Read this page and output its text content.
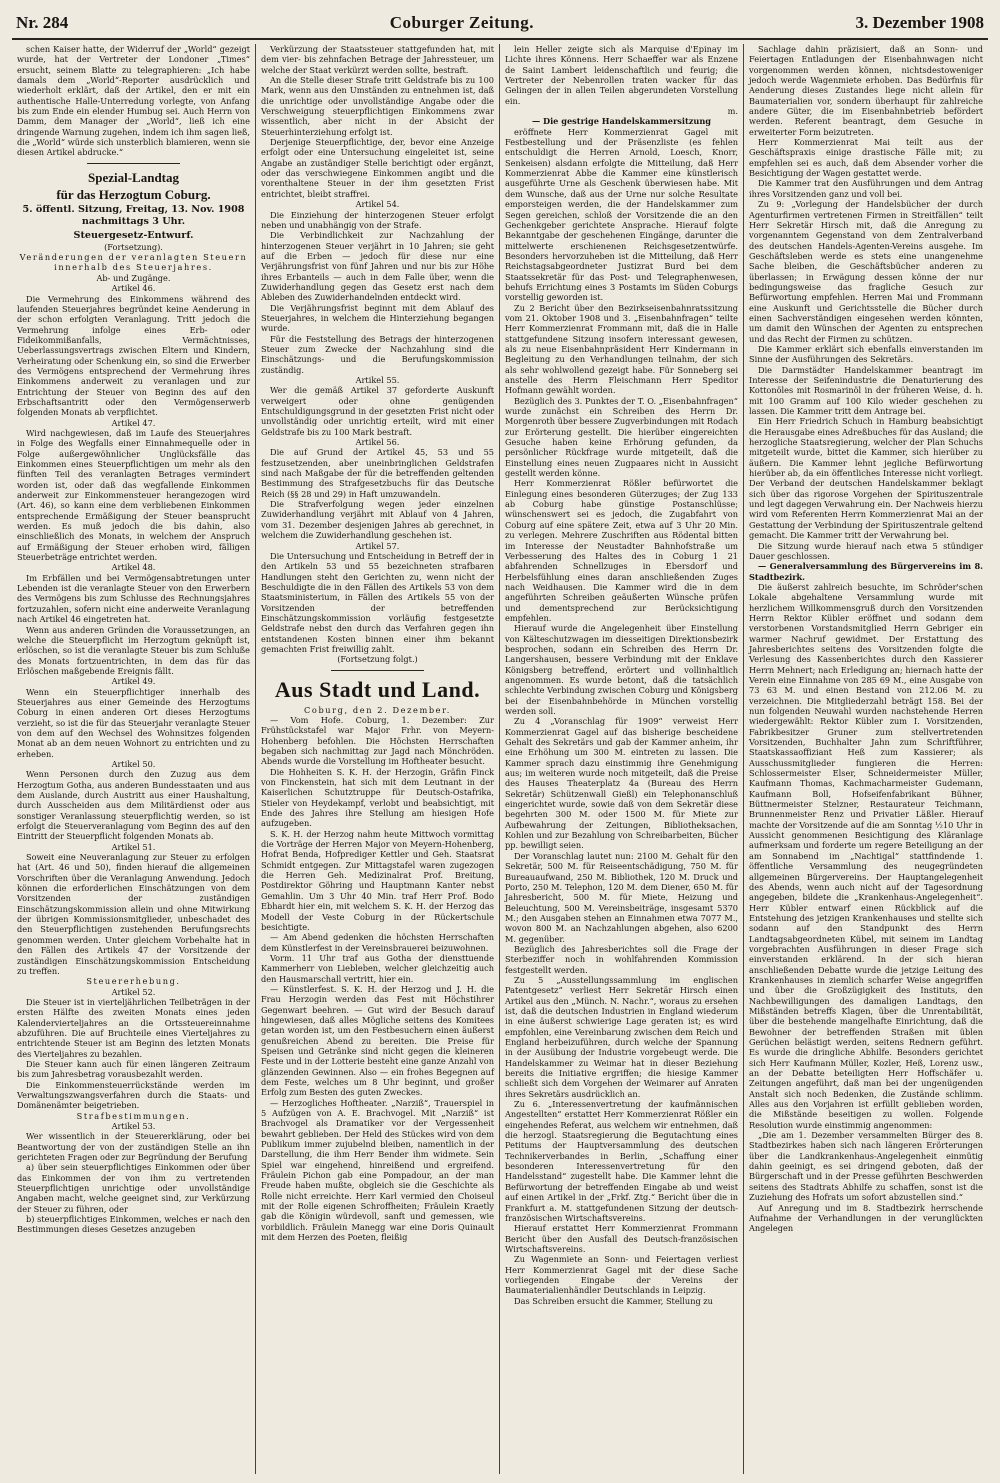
Nr. 284	Coburger Zeitung.	3. Dezember 1908

schen Kaiser hatte, der Widerruf der „World“ gezeigt wurde, hat der Vertreter der Londoner „Times“ ersucht, seinem Blatte zu telegraphieren: „Ich habe damals dem „World“-Reporter ausdrücklich und wiederholt erklärt, daß der Artikel, den er mit ein authentische Halle-Unterredung vorlegte, von Anfang bis zum Ende ein elender Humbug sei. Auch Herrn von Damm, dem Manager der „World“, ließ ich eine dringende Warnung zugehen, indem ich ihm sagen ließ, die „World“ würde sich unsterblich blamieren, wenn sie diesen Artikel abdrucke.“

Spezial-Landtag
für das Herzogtum Coburg.
5. öffentl. Sitzung, Freitag, 13. Nov. 1908
nachmittags 3 Uhr.
Steuergesetz-Entwurf.

(Fortsetzung).

Veränderungen der veranlagten Steuern innerhalb des Steuerjahres.

Ab- und Zugänge.

Artikel 46.

Die Vermehrung des Einkommens während des laufenden Steuerjahres begründet keine Aenderung in der schon erfolgten Veranlagung. Tritt jedoch die Vermehrung infolge eines Erb- oder Fideikommißanfalls, Vermächtnisses, Ueberlassungsvertrags zwischen Eltern und Kindern, Verheiratung oder Schenkung ein, so sind die Erwerber des Vermögens entsprechend der Vermehrung ihres Einkommens anderweit zu veranlagen und zur Entrichtung der Steuer von Beginn des auf den Erbschaftsantritt oder den Vermögenserwerb folgenden Monats ab verpflichtet.

Artikel 47.

Wird nachgewiesen, daß im Laufe des Steuerjahres in Folge des Wegfalls einer Einnahmequelle oder in Folge außergewöhnlicher Unglücksfälle das Einkommen eines Steuerpflichtigen um mehr als den fünften Teil des veranlagten Betrages vermindert worden ist, oder daß das wegfallende Einkommen anderweit zur Einkommensteuer herangezogen wird (Art. 46), so kann eine dem verbliebenen Einkommen entsprechende Ermäßigung der Steuer beansprucht werden. Es muß jedoch die bis dahin, also einschließlich des Monats, in welchem der Anspruch auf Ermäßigung der Steuer erhoben wird, fälligen Steuerbeträge entrichtet werden.

Artikel 48.

Im Erbfällen und bei Vermögensabtretungen unter Lebenden ist die veranlagte Steuer von den Erwerbern des Vermögens bis zum Schlusse des Rechnungsjahres fortzuzahlen, sofern nicht eine anderweite Veranlagung nach Artikel 46 eingetreten hat.

Wenn aus anderen Gründen die Voraussetzungen, an welche die Steuerpflicht im Herzogtum geknüpft ist, erlöschen, so ist die veranlagte Steuer bis zum Schluße des Monats fortzuentrichten, in dem das für das Erlöschen maßgebende Ereignis fällt.

Artikel 49.

Wenn ein Steuerpflichtiger innerhalb des Steuerjahres aus einer Gemeinde des Herzogtums Coburg in einen anderen Ort dieses Herzogtums verzieht, so ist die für das Steuerjahr veranlagte Steuer von dem auf den Wechsel des Wohnsitzes folgenden Monat ab an dem neuen Wohnort zu entrichten und zu erheben.

Artikel 50.

Wenn Personen durch den Zuzug aus dem Herzogtum Gotha, aus anderen Bundesstaaten und aus dem Auslande, durch Austritt aus einer Haushaltung, durch Ausscheiden aus dem Militärdienst oder aus sonstiger Veranlassung steuerpflichtig werden, so ist erfolgt die Steuerveranlagung vom Beginn des auf den Eintritt der Steuerpflicht folgenden Monats ab.

Artikel 51.

Soweit eine Neuveranlagung zur Steuer zu erfolgen hat (Art. 46 und 50), finden hierauf die allgemeinen Vorschriften über die Veranlagung Anwendung. Jedoch können die erforderlichen Einschätzungen von dem Vorsitzenden der zuständigen Einschätzungskommission allein und ohne Mitwirkung der übrigen Kommissionsmitglieder, unbeschadet des den Steuerpflichtigen zustehenden Berufungsrechts genommen werden. Unter gleichem Vorbehalte hat in den Fällen des Artikels 47 der Vorsitzende der zuständigen Einschätzungskommission Entscheidung zu treffen.

Steuererhebung.

Artikel 52.

Die Steuer ist in vierteljährlichen Teilbeträgen in der ersten Hälfte des zweiten Monats eines jeden Kalendervierteljahres an die Ortssteuereinnahme abzuführen. Die auf Bruchteile eines Vierteljahres zu entrichtende Steuer ist am Beginn des letzten Monats des Vierteljahres zu bezahlen.

Die Steuer kann auch für einen längeren Zeitraum bis zum Jahresbetrag vorausbezahlt werden.

Die Einkommensteuerrückstände werden im Verwaltungszwangsverfahren durch die Staats- und Domänenämter beigetrieben.

Strafbestimmungen.

Artikel 53.

Wer wissentlich in der Steuererklärung, oder bei Beantwortung der von der zuständigen Stelle an ihn gerichteten Fragen oder zur Begründung der Berufung

a) über sein steuerpflichtiges Einkommen oder über das Einkommen der von ihm zu vertretenden Steuerpflichtigen unrichtige oder unvollständige Angaben macht, welche geeignet sind, zur Verkürzung der Steuer zu führen, oder

b) steuerpflichtiges Einkommen, welches er nach den Bestimmungen dieses Gesetzes anzugeben

Verkürzung der Staatssteuer stattgefunden hat, mit dem vier- bis zehnfachen Betrage der Jahressteuer, um welche der Staat verkürzt werden sollte, bestraft.

An die Stelle dieser Strafe tritt Geldstrafe bis zu 100 Mark, wenn aus den Umständen zu entnehmen ist, daß die unrichtige oder unvollständige Angabe oder die Verschweigung steuerpflichtigen Einkommens zwar wissentlich, aber nicht in der Absicht der Steuerhinterziehung erfolgt ist.

Derjenige Steuerpflichtige, der, bevor eine Anzeige erfolgt oder eine Untersuchung eingeleitet ist, seine Angabe an zuständiger Stelle berichtigt oder ergänzt, oder das verschwiegene Einkommen angibt und die vorenthaltene Steuer in der ihm gesetzten Frist entrichtet, bleibt straffrei.

Artikel 54.

Die Einziehung der hinterzogenen Steuer erfolgt neben und unabhängig von der Strafe.

Die Verbindlichkeit zur Nachzahlung der hinterzogenen Steuer verjährt in 10 Jahren; sie geht auf die Erben — jedoch für diese nur eine Verjährungsfrist von fünf Jahren und nur bis zur Höhe ihres Erbanteils — auch in dem Falle über, wenn die Zuwiderhandlung gegen das Gesetz erst nach dem Ableben des Zuwiderhandelnden entdeckt wird.

Die Verjährungsfrist beginnt mit dem Ablauf des Steuerjahres, in welchem die Hinterziehung begangen wurde.

Für die Feststellung des Betrags der hinterzogenen Steuer zum Zwecke der Nachzahlung sind die Einschätzungs- und die Berufungskommission zuständig.

Artikel 55.

Wer die gemäß Artikel 37 geforderte Auskunft verweigert oder ohne genügenden Entschuldigungsgrund in der gesetzten Frist nicht oder unvollständig oder unrichtig erteilt, wird mit einer Geldstrafe bis zu 100 Mark bestraft.

Artikel 56.

Die auf Grund der Artikel 45, 53 und 55 festzusetzenden, aber uneinbringlichen Geldstrafen sind nach Maßgabe der für die betreffenden geltenden Bestimmung des Strafgesetzbuchs für das Deutsche Reich (§§ 28 und 29) in Haft umzuwandeln.

Die Strafverfolgung wegen jeder einzelnen Zuwiderhandlung verjährt mit Ablauf von 4 Jahren, vom 31. Dezember desjenigen Jahres ab gerechnet, in welchem die Zuwiderhandlung geschehen ist.

Artikel 57.

Die Untersuchung und Entscheidung in Betreff der in den Artikeln 53 und 55 bezeichneten strafbaren Handlungen steht den Gerichten zu, wenn nicht der Beschuldigte die in den Fällen des Artikels 53 von dem Staatsministerium, in Fällen des Artikels 55 von der Vorsitzenden der betreffenden Einschätzungskommission vorläufig festgesetzte Geldstrafe nebst den durch das Verfahren gegen ihn entstandenen Kosten binnen einer ihm bekannt gemachten Frist freiwillig zahlt.

(Fortsetzung folgt.)

Aus Stadt und Land.

Coburg, den 2. Dezember.

— Vom Hofe. Coburg, 1. Dezember: Zur Frühstückstafel war Major Frhr. von Meyern-Hohenberg befohlen. Die Höchsten Herrschaften begaben sich nachmittag zur Jagd nach Mönchröden. Abends wurde die Vorstellung im Hoftheater besucht.

Die Hohheiten S. K. H. der Herzogin, Gräfin Finck von Finckenstein, hat sich mit dem Leutnant in der Kaiserlichen Schutztruppe für Deutsch-Ostafrika, Stieler von Heydekampf, verlobt und beabsichtigt, mit Ende des Jahres ihre Stellung am hiesigen Hofe aufzugeben.

S. K. H. der Herzog nahm heute Mittwoch vormittag die Vorträge der Herren Major von Meyern-Hohenberg, Hofrat Benda, Hofprediger Kettler und Geh. Staatsrat Schmidt entgegen. Zur Mittagstafel waren zugezogen die Herren Geh. Medizinalrat Prof. Breitung, Postdirektor Göhring und Hauptmann Kanter nebst Gemahlin. Um 3 Uhr 40 Min. traf Herr Prof. Bodo Ebhardt hier ein, mit welchem S. K. H. der Herzog das Modell der Veste Coburg in der Rückertschule besichtigte.

— Am Abend gedenken die höchsten Herrschaften dem Künstlerfest in der Vereinsbrauerei beizuwohnen.

Vorm. 11 Uhr traf aus Gotha der diensttuende Kammerherr von Liebleben, welcher gleichzeitig auch den Hausmarschall vertritt, hier ein.

— Künstlerfest. S. K. H. der Herzog und J. H. die Frau Herzogin werden das Fest mit Höchstihrer Gegenwart beehren. — Gut wird der Besuch darauf hingewiesen, daß alles Mögliche seitens des Komitees getan worden ist, um den Festbesuchern einen äußerst genußreichen Abend zu bereiten. Die Preise für Speisen und Getränke sind nicht gegen die kleineren Feste und in der Lotterie besteht eine ganze Anzahl von glänzenden Gewinnen. Also — ein frohes Begegnen auf dem Feste, welches um 8 Uhr beginnt, und großer Erfolg zum Besten des guten Zweckes.

— Herzogliches Hoftheater. „Narziß“, Trauerspiel in 5 Aufzügen von A. E. Brachvogel. Mit „Narziß“ ist Brachvogel als Dramatiker vor der Vergessenheit bewahrt geblieben. Der Held des Stückes wird von dem Publikum immer zujubelnd bleiben, namentlich in der Darstellung, die ihm Herr Bender ihm widmete. Sein Spiel war eingehend, hinreißend und ergreifend. Fräulein Pichon gab eine Pompadour, an der man Freude haben mußte, obgleich sie die Geschichte als Rolle nicht erreichte. Herr Karl vermied den Choiseul mit der Rolle eigenen Schroffheiten; Fräulein Kraetly gab die Königin würdevoll, sanft und gemessen, wie vorbildlich. Fräulein Manegg war eine Doris Quinault mit dem Herzen des Poeten, fleißig

lein Heller zeigte sich als Marquise d'Epinay im Lichte ihres Könnens. Herr Schaeffer war als Enzene de Saint Lambert leidenschaftlich und feurig; die Vertreter der Nebenrollen traten wacker für das Gelingen der in allen Teilen abgerundeten Vorstellung ein.

m.

— Die gestrige Handelskammersitzung

eröffnete Herr Kommerzienrat Gagel mit Festbestellung und der Präsenzliste (es fehlen entschuldigt die Herren Arnold, Loesch, Knorr, Senkeisen) alsdann erfolgte die Mitteilung, daß Herr Kommerzienrat Abbe die Kammer eine künstlerisch ausgeführte Urne als Geschenk überwiesen habe. Mit dem Wunsche, daß aus der Urne nur solche Resultate emporsteigen werden, die der Handelskammer zum Segen gereichen, schloß der Vorsitzende die an den Gechenkgeber gerichtete Ansprache. Hierauf folgte Bekanntgabe der geschehenen Eingänge, darunter die mittelwerte erschienenen Reichsgesetzentwürfe. Besonders hervorzuheben ist die Mitteilung, daß Herr Reichstagsabgeordneter Justizrat Burd bei dem Staatssekretär für das Post- und Telegraphenwesen, behufs Errichtung eines 3 Postamts im Süden Coburgs vorstellig geworden ist.

Zu 2 Bericht über den Bezirkseisenbahnratssitzung vom 21. Oktober 1908 und 3. „Eisenbahnfragen“ teilte Herr Kommerzienrat Frommann mit, daß die in Halle stattgefundene Sitzung insofern interessant gewesen, als zu neue Eisenbahnpräsident Herr Kindermann in Begleitung zu den Verhandlungen teilnahm, der sich als sehr wohlwollend gezeigt habe. Für Sonneberg sei anstelle des Herrn Fleischmann Herr Speditor Hofmann gewählt worden.

Bezüglich des 3. Punktes der T. O. „Eisenbahnfragen“ wurde zunächst ein Schreiben des Herrn Dr. Morgenroth über bessere Zugverbindungen mit Rodach zur Erörterung gestellt. Die hierüber eingereichten Gesuche haben keine Erhörung gefunden, da persönlicher Rückfrage wurde mitgeteilt, daß die Einstellung eines neuen Zugpaares nicht in Aussicht gestellt werden könne.

Herr Kommerzienrat Rößler befürwortet die Einlegung eines besonderen Güterzuges; der Zug 133 ab Coburg habe günstige Postanschlüsse; wünschenswert sei es jedoch, die Zugabfahrt von Coburg auf eine spätere Zeit, etwa auf 3 Uhr 20 Min. zu verlegen. Mehrere Zuschriften aus Rödental bitten im Interesse der Neustadter Bahnhofstraße um Verbesserung des Haltes des in Coburg 1 21 abfahrenden Schnellzuges in Ebersdorf und Herbelsfühlung eines daran anschließenden Zuges nach Weidhausen. Die Kammer wird die in dem angeführten Schreiben geäußerten Wünsche prüfen und dementsprechend zur Berücksichtigung empfehlen.

Hierauf wurde die Angelegenheit über Einstellung von Kälteschutzwagen im diesseitigen Direktionsbezirk besprochen, sodann ein Schreiben des Herrn Dr. Langershausen, bessere Verbindung mit der Enklave Königsberg betreffend, erörtert und vollinhaltlich angenommen. Es wurde betont, daß die tatsächlich schlechte Verbindung zwischen Coburg und Königsberg bei der Eisenbahnbehörde in München vorstellig werden soll.

Zu 4 „Voranschlag für 1909“ verweist Herr Kommerzienrat Gagel auf das bisherige bescheidene Gehalt des Sekretärs und gab der Kammer anheim, ihr eine Erhöhung um 300 M. eintreten zu lassen. Die Kammer sprach dazu einstimmig ihre Genehmigung aus; im weiteren wurde noch mitgeteilt, daß die Preise des Hauses Theaterplatz 4a (Bureau des Herrn Sekretär) Schützenwall Gießl) ein Telephonanschluß eingerichtet wurde, sowie daß von dem Sekretär diese begehrten 300 M. oder 1500 M. für Miete zur Aufbewahrung der Zeitungen, Bibliotheksachen, Kohlen und zur Bezahlung von Schreibarbeiten, Bücher pp. bewilligt seien.

Der Voranschlag lautet nun: 2100 M. Gehalt für den Sekretär, 500 M. für Reiseentschädigung, 750 M. für Bureauaufwand, 250 M. Bibliothek, 120 M. Druck und Porto, 250 M. Telephon, 120 M. dem Diener, 650 M. für Jahresbericht, 500 M. für Miete, Heizung und Beleuchtung, 500 M. Vereinsbeiträge, insgesamt 5370 M.; den Ausgaben stehen an Einnahmen etwa 7077 M., wovon 800 M. an Nachzahlungen abgehen, also 6200 M. gegenüber.

Bezüglich des Jahresberichtes soll die Frage der Sterbeziffer noch in wohlfahrenden Kommission festgestellt werden.

Zu 5 „Ausstellungssammlung im englischen Patentgesetz“ verliest Herr Sekretär Hirsch einen Artikel aus den „Münch. N. Nachr.“, woraus zu ersehen ist, daß die deutschen Industrien in England wiederum in eine äußerst schwierige Lage geraten ist; es wird empfohlen, eine Vereinbarung zwischen dem Reich und England herbeizuführen, durch welche der Spannung in der Ausübung der Industrie vorgebeugt werde. Die Handelskammer zu Weimar hat in dieser Beziehung bereits die Initiative ergriffen; die hiesige Kammer schließt sich dem Vorgehen der Weimarer auf Anraten ihres Sekretärs ausdrücklich an.

Zu 6. „Interessenvertretung der kaufmännischen Angestellten“ erstattet Herr Kommerzienrat Rößler ein eingehendes Referat, aus welchem wir entnehmen, daß die herzogl. Staatsregierung die Begutachtung eines Petitums der Hauptversammlung des deutschen Technikerverbandes in Berlin, „Schaffung einer besonderen Interessenvertretung für den Handelsstand“ zugestellt habe. Die Kammer lehnt die Befürwortung der betreffenden Eingabe ab und weist auf einen Artikel in der „Frkf. Ztg.“ Bericht über die in Frankfurt a. M. stattgefundenen Sitzung der deutsch-französischen Wirtschaftsvereins.

Hierauf erstattet Herr Kommerzienrat Frommann Bericht über den Ausfall des Deutsch-französischen Wirtschaftsvereins.

Zu Wagenmiete an Sonn- und Feiertagen verliest Herr Kommerzienrat Gagel mit der diese Sache vorliegenden Eingabe der Vereins der Baumaterialienhändler Deutschlands in Leipzig.

Das Schreiben ersucht die Kammer, Stellung zu

Sachlage dahin präzisiert, daß an Sonn- und Feiertagen Entladungen der Eisenbahnwagen nicht vorgenommen werden können, nichtsdestoweniger jedoch werde Wagenmiete erhoben. Das Bedürfnis für Aenderung dieses Zustandes liege nicht allein für Baumaterialien vor, sondern überhaupt für zahlreiche andere Güter, die im Eisenbahnbetrieb befördert werden. Referent beantragt, dem Gesuche in erweiterter Form beizutreten.

Herr Kommerzienrat Mai teilt aus der Geschäftspraxis einige drastische Fälle mit; zu empfehlen sei es auch, daß dem Absender vorher die Besichtigung der Wagen gestattet werde.

Die Kammer trat den Ausführungen und dem Antrag ihres Vorsitzenden ganz und voll bei.

Zu 9: „Vorlegung der Handelsbücher der durch Agenturfirmen vertretenen Firmen in Streitfällen“ teilt Herr Sekretär Hirsch mit, daß die Anregung zu vorgenanntem Gegenstand von dem Zentralverband des deutschen Handels-Agenten-Vereins ausgehe. Im Geschäftsleben werde es stets eine unangenehme Sache bleiben, die Geschäftsbücher anderen zu überlassen; in Erwägung dessen könne der nur bedingungsweise das fragliche Gesuch zur Befürwortung empfehlen. Herren Mai und Frommann eine Auskunft und Gerichtsstelle die Bücher durch einen Sachverständigen eingesehen werden könnten, um damit den Wünschen der Agenten zu entsprechen und das Recht der Firmen zu schützen.

Die Kammer erklärt sich ebenfalls einverstanden im Sinne der Ausführungen des Sekretärs.

Die Darmstädter Handelskammer beantragt im Interesse der Seifenindustrie die Denaturierung des Kottonöles mit Rosmarinöl in der früheren Weise, d. h. mit 100 Gramm auf 100 Kilo wieder geschehen zu lassen. Die Kammer tritt dem Antrage bei.

Ein Herr Friedrich Schuch in Hamburg beabsichtigt die Herausgabe eines Adreßbuches für das Ausland; die herzogliche Staatsregierung, welcher der Plan Schuchs mitgeteilt wurde, bittet die Kammer, sich hierüber zu äußern. Die Kammer lehnt jegliche Befürwortung hierüber ab, da ein öffentliches Interesse nicht vorliegt. Der Verband der deutschen Handelskammer beklagt sich über das rigorose Vorgehen der Spirituszentrale und legt dagegen Verwahrung ein. Der Nachweis hierzu wird vom Referenten Herrn Kommerzienrat Mai an der Gestattung der Verbindung der Spirituszentrale geltend gemacht. Die Kammer tritt der Verwahrung bei.

Die Sitzung wurde hierauf nach etwa 5 stündiger Dauer geschlossen.

— Generalversammlung des Bürgervereins im 8. Stadtbezirk.

Die äußerst zahlreich besuchte, im Schröder'schen Lokale abgehaltene Versammlung wurde mit herzlichem Willkommensgruß durch den Vorsitzenden Herrn Rektor Kübler eröffnet und sodann dem verstorbenen Vorstandsmitglied Herrn Gebriger ein warmer Nachruf gewidmet. Der Erstattung des Jahresberichtes seitens des Vorsitzenden folgte die Verlesung des Kassenberichtes durch den Kassierer Herrn Mehnert; nach Erledigung an; hiernach hatte der Verein eine Einnahme von 285 69 M., eine Ausgabe von 73 63 M. und einen Bestand von 212.06 M. zu verzeichnen. Die Mitgliederzahl beträgt 158. Bei der nun folgenden Neuwahl wurden nachstehende Herren wiedergewählt: Rektor Kübler zum I. Vorsitzenden, Fabrikbesitzer Gruner zum stellvertretenden Vorsitzenden, Buchhalter Jahn zum Schriftführer, Staatskassaoffiziant Heß zum Kassierer; als Ausschussmitglieder fungieren die Herren: Schlossermeister Elser, Schneidermeister Müller, Kaufmann Thomas, Kachmacharmeister Gudemann, Kaufmann Boll, Hofseifenfabrikant Bühner, Büttnermeister Stelzner, Restaurateur Teichmann, Brunnenmeister Renz und Privatier Läßler. Hierauf machte der Vorsitzende auf die am Sonntag ½10 Uhr in Aussicht genommenen Besichtigung des Kläranlage aufmerksam und forderte um regere Beteiligung an der am Sonnabend im „Nachtigal“ stattfindende 1. öffentliche Versammlung des neugegründeten allgemeinen Bürgervereins. Der Hauptangelegenheit des Abends, wenn auch nicht auf der Tagesordnung angegeben, bildete die „Krankenhaus-Angelegenheit“. Herr Kübler entwarf einen Rückblick auf die Entstehung des jetzigen Krankenhauses und stellte sich sodann auf den Standpunkt des Herrn Landtagsabgeordneten Kübel, mit seinem im Landtag vorgebrachten Ausführungen in dieser Frage sich einverstanden erklärend. In der sich hieran anschließenden Debatte wurde die jetzige Leitung des Krankenhauses in ziemlich scharfer Weise angegriffen und über die Großzügigkeit des Instituts, den Nachbewilligungen des damaligen Landtags, den Mißständen betreffs Klagen, über die Unrentabilität, über die bestehende mangelhafte Einrichtung, daß die Bewohner der betreffenden Straßen mit üblen Gerüchen belästigt werden, seitens Rednern geführt. Es wurde die dringliche Abhilfe. Besonders gerichtet sich Herr Kaufmann Müller, Kozler, Heß, Lorenz usw., an der Debatte beteiligten Herr Hoffschäfer u. Zeitungen angeführt, daß man bei der ungenügenden Anstalt sich noch Bedenken, die Zustände schlimm. Alles aus den Vorjahren ist erfüllt geblieben worden, die Mißstände beseitigen zu wollen. Folgende Resolution wurde einstimmig angenommen:

„Die am 1. Dezember versammelten Bürger des 8. Stadtbezirkes haben sich nach längeren Erörterungen über die Landkrankenhaus-Angelegenheit einmütig dahin geeinigt, es sei dringend geboten, daß der Bürgerschaft und in der Presse geführten Beschwerden seitens des Stadtrats Abhilfe zu schaffen, sonst ist die Zuziehung des Hofrats um sofort abzustellen sind.“

Auf Anregung und im 8. Stadtbezirk herrschende Aufnahme der Verhandlungen in der verunglückten Angelegen
